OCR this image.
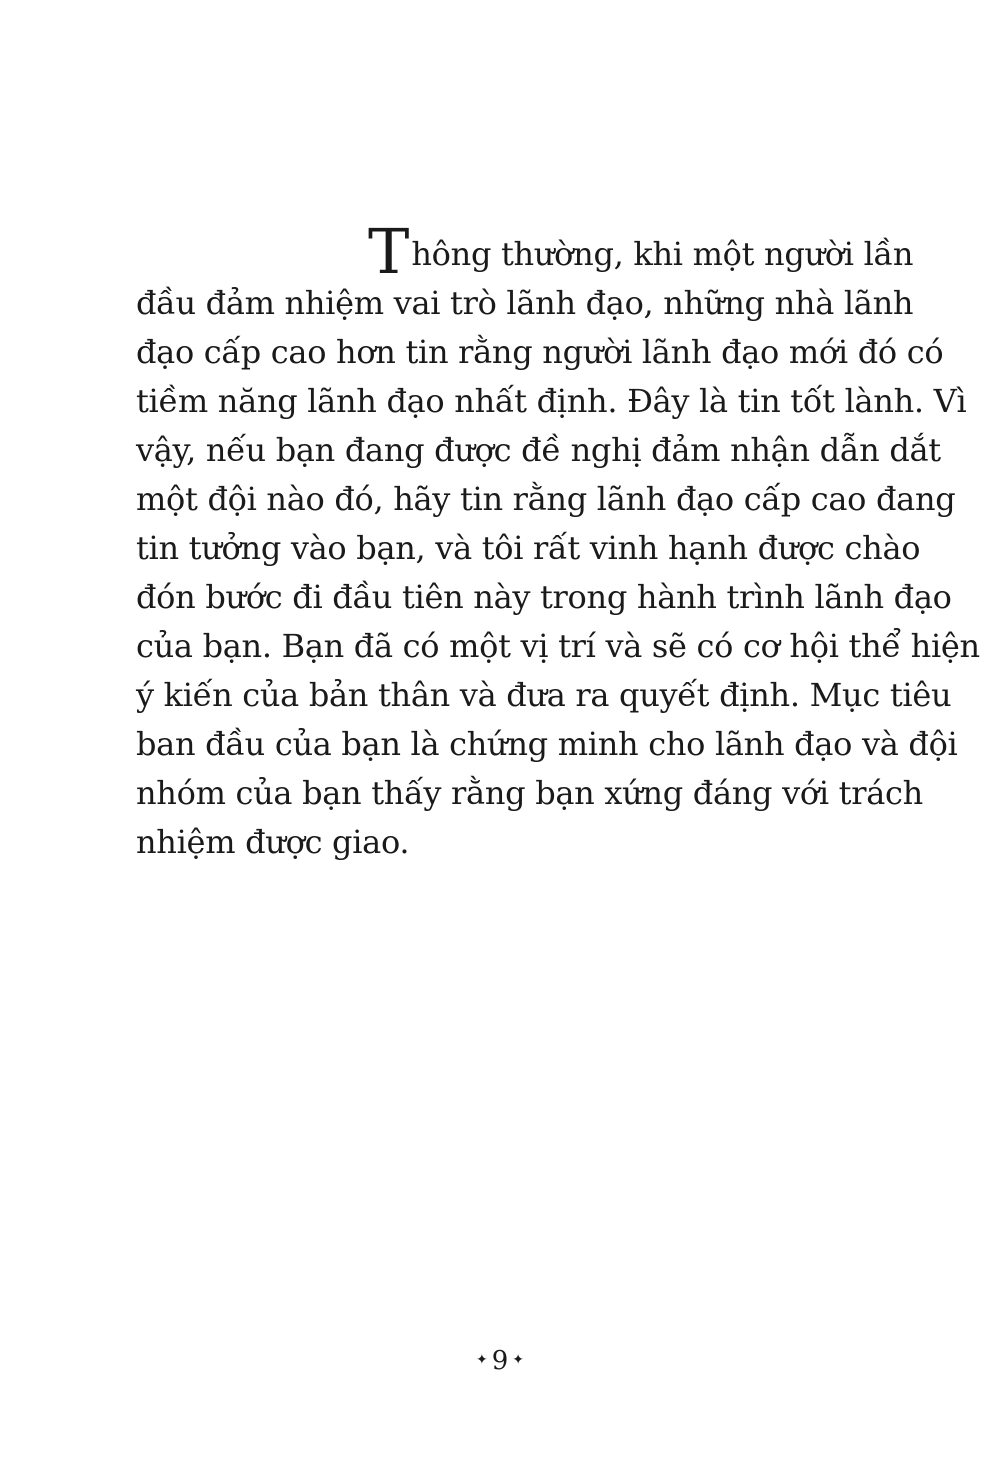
T hông thường, khi một người lần
đầu đảm nhiệm vai trò lãnh đạo, những nhà lãnh
đạo cấp cao hơn tin rằng người lãnh đạo mới đó có
tiềm năng lãnh đạo nhất định. Đây là tin tốt lành. Vì
vậy, nếu bạn đang được đề nghị đảm nhận dẫn dắt
một đội nào đó, hãy tin rằng lãnh đạo cấp cao đang
tin tưởng vào bạn, và tôi rất vinh hạnh được chào
đón bước đi đầu tiên này trong hành trình lãnh đạo
của bạn. Bạn đã có một vị trí và sẽ có cơ hội thể hiện
ý kiến của bản thân và đưa ra quyết định. Mục tiêu
ban đầu của bạn là chứng minh cho lãnh đạo và đội
nhóm của bạn thấy rằng bạn xứng đáng với trách
nhiệm được giao.
✦ 9 ✦
